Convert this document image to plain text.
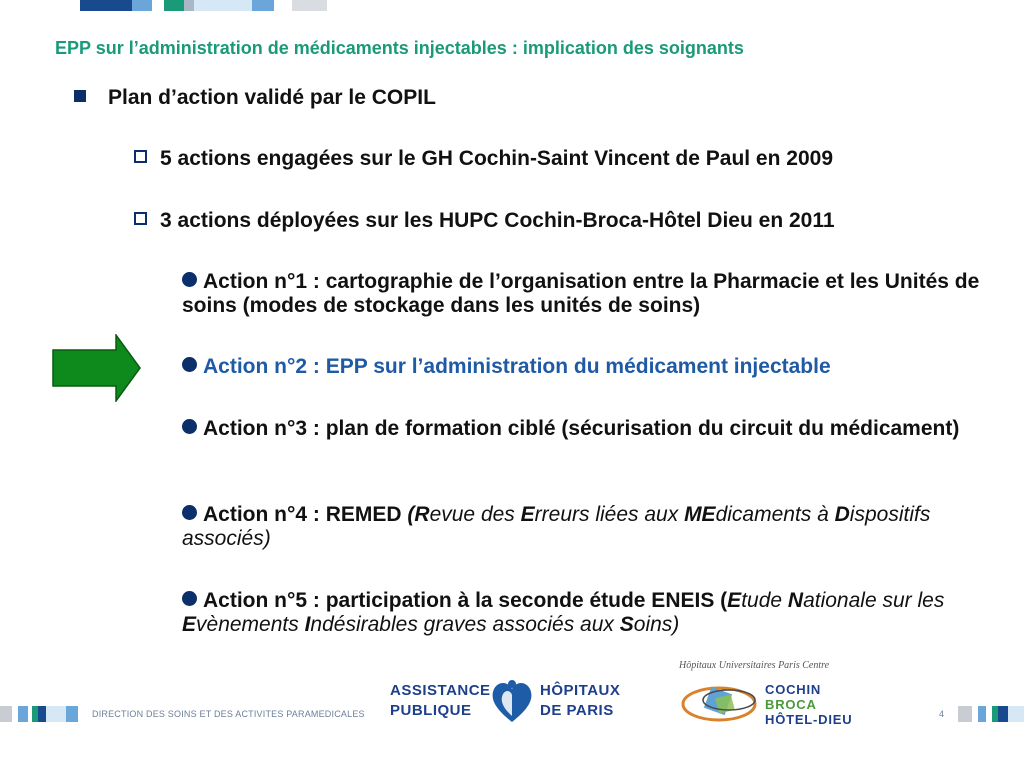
EPP sur l’administration de médicaments injectables : implication des soignants
Plan d’action validé par le COPIL
5 actions engagées sur le GH Cochin-Saint Vincent de Paul en 2009
3 actions déployées sur les HUPC Cochin-Broca-Hôtel Dieu en 2011
Action n°1 : cartographie de l’organisation entre la Pharmacie et les Unités de soins (modes de stockage dans les unités de soins)
Action n°2 : EPP sur l’administration du médicament injectable
Action n°3 : plan de formation ciblé (sécurisation du circuit du médicament)
Action n°4 : REMED (Revue des Erreurs liées aux MEdicaments à Dispositifs associés)
Action n°5 : participation à la seconde étude ENEIS (Etude Nationale sur les Evènements Indésirables graves associés aux Soins)
DIRECTION DES SOINS ET DES ACTIVITES PARAMEDICALES
ASSISTANCE
PUBLIQUE
HÔPITAUX
DE PARIS
Hôpitaux Universitaires Paris Centre
COCHIN
BROCA
HÔTEL-DIEU	4
